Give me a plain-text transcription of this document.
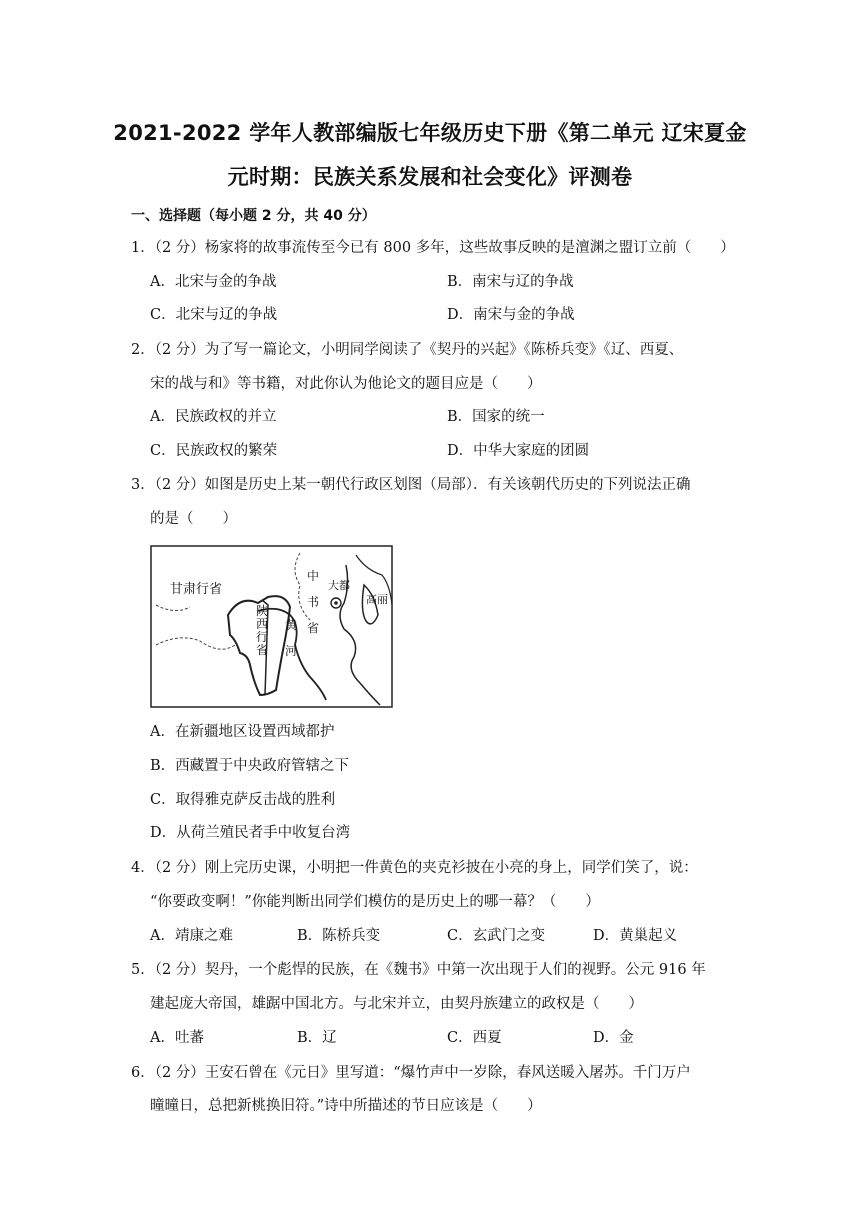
2021-2022 学年人教部编版七年级历史下册《第二单元 辽宋夏金
元时期：民族关系发展和社会变化》评测卷
一、选择题（每小题 2 分，共 40 分）
1．（2 分）杨家将的故事流传至今已有 800 多年，这些故事反映的是澶渊之盟订立前（　　）
A．北宋与金的争战	B．南宋与辽的争战
C．北宋与辽的争战	D．南宋与金的争战
2．（2 分）为了写一篇论文，小明同学阅读了《契丹的兴起》《陈桥兵变》《辽、西夏、
宋的战与和》等书籍，对此你认为他论文的题目应是（　　）
A．民族政权的并立	B．国家的统一
C．民族政权的繁荣	D．中华大家庭的团圆
3．（2 分）如图是历史上某一朝代行政区划图（局部）．有关该朝代历史的下列说法正确
的是（　　）
甘肃行省	大都
高丽
陕西行省
中书省
黄河
A．在新疆地区设置西域都护
B．西藏置于中央政府管辖之下
C．取得雅克萨反击战的胜利
D．从荷兰殖民者手中收复台湾
4．（2 分）刚上完历史课，小明把一件黄色的夹克衫披在小亮的身上，同学们笑了，说：
“你要政变啊！”你能判断出同学们模仿的是历史上的哪一幕？（　　）
A．靖康之难	B．陈桥兵变	C．玄武门之变	D．黄巢起义
5．（2 分）契丹，一个彪悍的民族，在《魏书》中第一次出现于人们的视野。公元 916 年
建起庞大帝国，雄踞中国北方。与北宋并立，由契丹族建立的政权是（　　）
A．吐蕃	B．辽	C．西夏	D．金
6．（2 分）王安石曾在《元日》里写道：“爆竹声中一岁除，春风送暖入屠苏。千门万户
曈曈日，总把新桃换旧符。”诗中所描述的节日应该是（　　）
